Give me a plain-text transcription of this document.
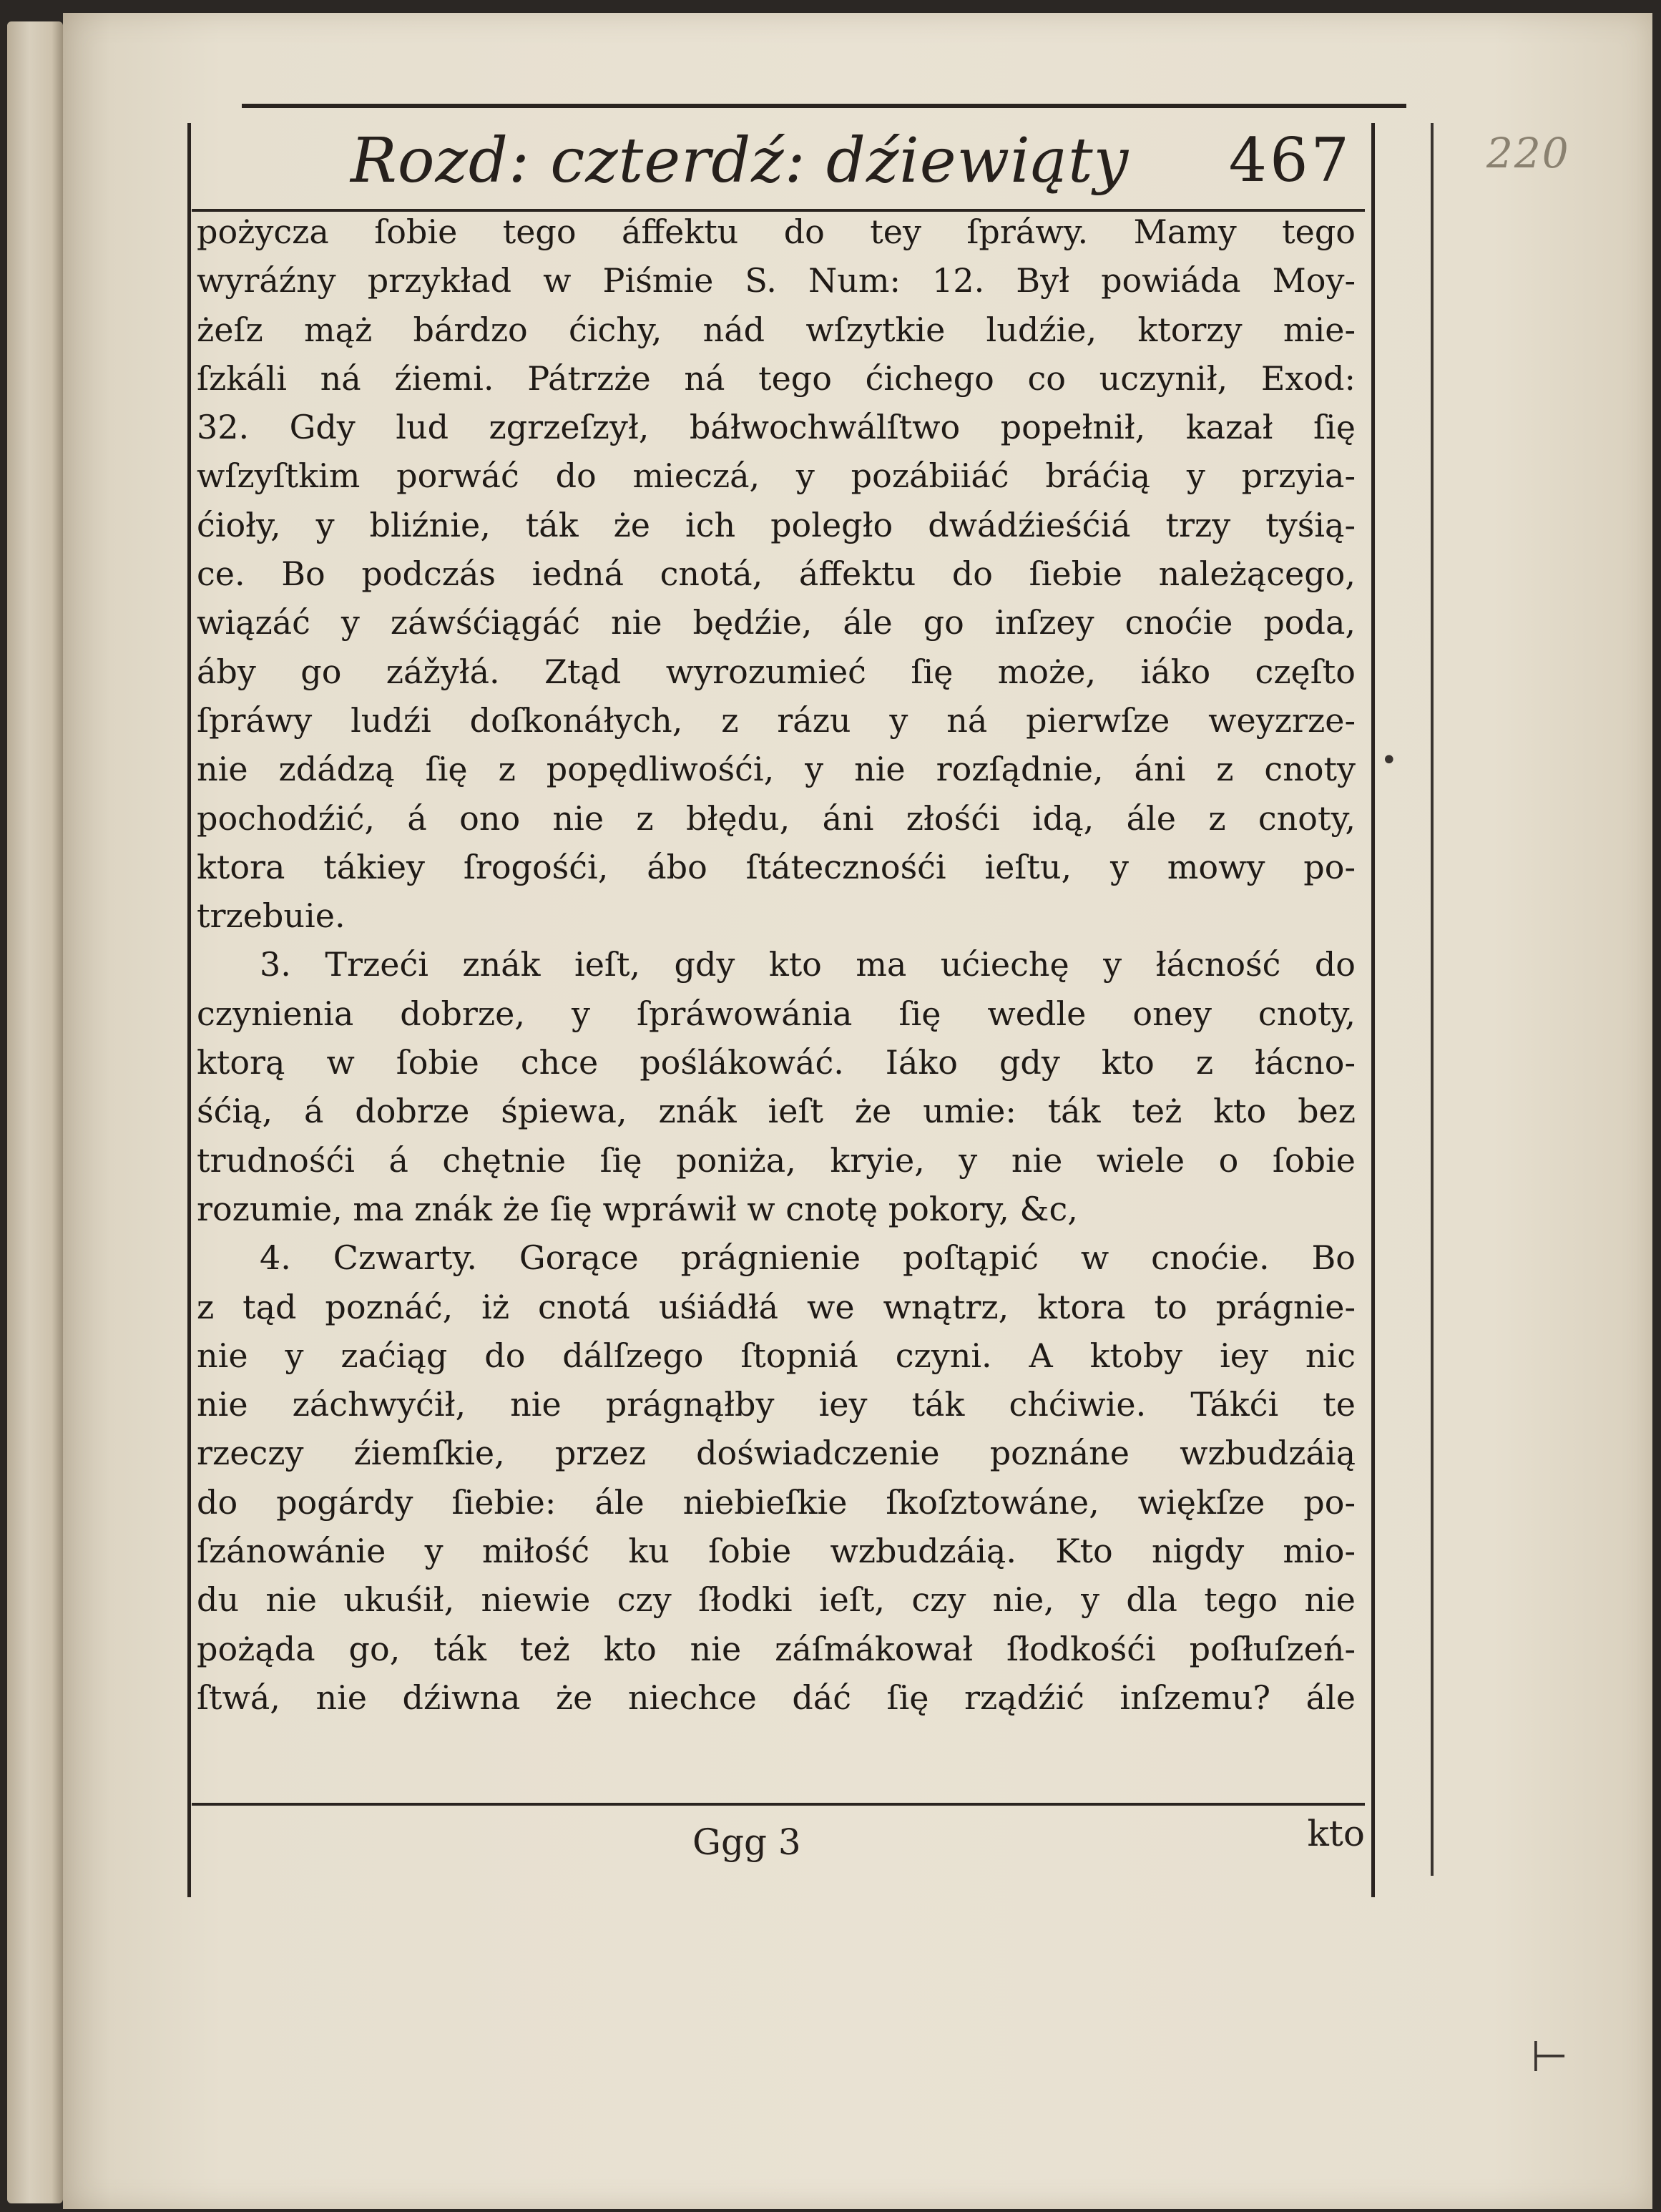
220
Rozd: czterdź: dźiewiąty 467
pożycza ſobie tego áffektu do tey ſpráwy. Mamy tego
wyráźny przykład w Piśmie S. Num: 12. Był powiáda Moy-
żeſz mąż bárdzo ćichy, nád wſzytkie ludźie, ktorzy mie-
ſzkáli ná źiemi. Pátrzże ná tego ćichego co uczynił, Exod:
32. Gdy lud zgrzeſzył, báłwochwálſtwo popełnił, kazał ſię
wſzyſtkim porwáć do mieczá, y pozábiiáć bráćią y przyia-
ćioły, y bliźnie, ták że ich poległo dwádźieśćiá trzy tyśią-
ce. Bo podczás iedná cnotá, áffektu do ſiebie należącego,
wiązáć y záwśćiągáć nie będźie, ále go inſzey cnoćie poda,
áby go zážyłá. Ztąd wyrozumieć ſię może, iáko częſto
ſpráwy ludźi doſkonáłych, z rázu y ná pierwſze weyzrze-
nie zdádzą ſię z popędliwośći, y nie rozſądnie, áni z cnoty
pochodźić, á ono nie z błędu, áni złośći idą, ále z cnoty,
ktora tákiey ſrogośći, ábo ſtátecznośći ieſtu, y mowy po-
trzebuie.
3. Trzeći znák ieſt, gdy kto ma ućiechę y łácność do
czynienia dobrze, y ſpráwowánia ſię wedle oney cnoty,
ktorą w ſobie chce poślákowáć. Iáko gdy kto z łácno-
śćią, á dobrze śpiewa, znák ieſt że umie: ták też kto bez
trudnośći á chętnie ſię poniża, kryie, y nie wiele o ſobie
rozumie, ma znák że ſię wpráwił w cnotę pokory, &c,
4. Czwarty. Gorące prágnienie poſtąpić w cnoćie. Bo
z tąd poznáć, iż cnotá uśiádłá we wnątrz, ktora to prágnie-
nie y zaćiąg do dálſzego ſtopniá czyni. A ktoby iey nic
nie záchwyćił, nie prágnąłby iey ták chćiwie. Tákći te
rzeczy źiemſkie, przez doświadczenie poznáne wzbudzáią
do pogárdy ſiebie: ále niebieſkie ſkoſztowáne, więkſze po-
ſzánowánie y miłość ku ſobie wzbudzáią. Kto nigdy mio-
du nie ukuśił, niewie czy ſłodki ieſt, czy nie, y dla tego nie
pożąda go, ták też kto nie záſmákował ſłodkośći poſłuſzeń-
ſtwá, nie dźiwna że niechce dáć ſię rządźić inſzemu? ále
Ggg 3	kto
⊢
•
